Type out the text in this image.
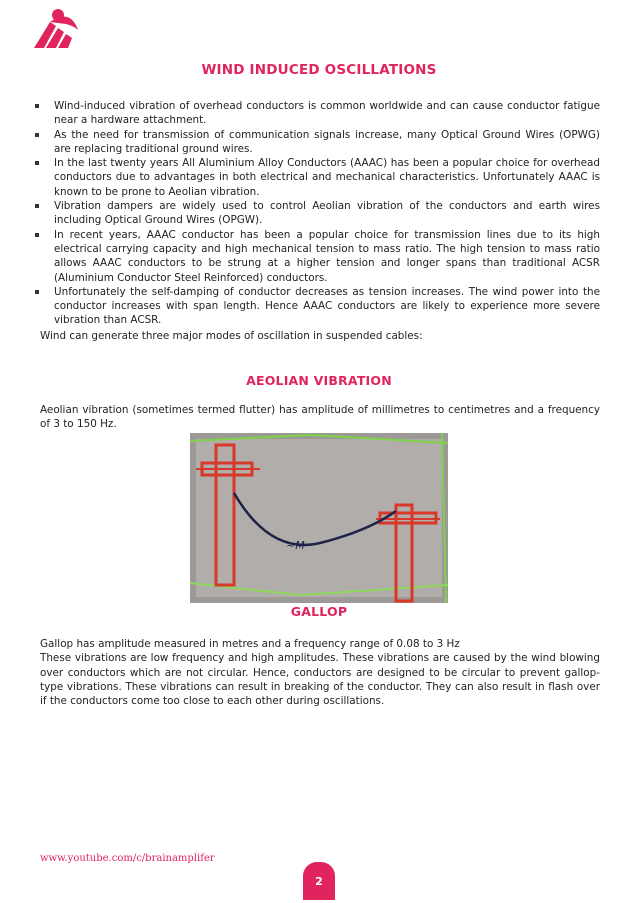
WIND INDUCED OSCILLATIONS
Wind-induced vibration of overhead conductors is common worldwide and can cause conductor fatigue near a hardware attachment.
As the need for transmission of communication signals increase, many Optical Ground Wires (OPWG) are replacing traditional ground wires.
In the last twenty years All Aluminium Alloy Conductors (AAAC) has been a popular choice for overhead conductors due to advantages in both electrical and mechanical characteristics. Unfortunately AAAC is known to be prone to Aeolian vibration.
Vibration dampers are widely used to control Aeolian vibration of the conductors and earth wires including Optical Ground Wires (OPGW).
In recent years, AAAC conductor has been a popular choice for transmission lines due to its high electrical carrying capacity and high mechanical tension to mass ratio. The high tension to mass ratio allows AAAC conductors to be strung at a higher tension and longer spans than traditional ACSR (Aluminium Conductor Steel Reinforced) conductors.
Unfortunately the self-damping of conductor decreases as tension increases. The wind power into the conductor increases with span length. Hence AAAC conductors are likely to experience more severe vibration than ACSR.
Wind can generate three major modes of oscillation in suspended cables:
AEOLIAN VIBRATION
Aeolian vibration (sometimes termed flutter) has amplitude of millimetres to centimetres and a frequency of 3 to 150 Hz.
~M
GALLOP
Gallop has amplitude measured in metres and a frequency range of 0.08 to 3 Hz
These vibrations are low frequency and high amplitudes. These vibrations are caused by the wind blowing over conductors which are not circular. Hence, conductors are designed to be circular to prevent gallop-type vibrations. These vibrations can result in breaking of the conductor. They can also result in flash over if the conductors come too close to each other during oscillations.
www.youtube.com/c/brainamplifer
2
